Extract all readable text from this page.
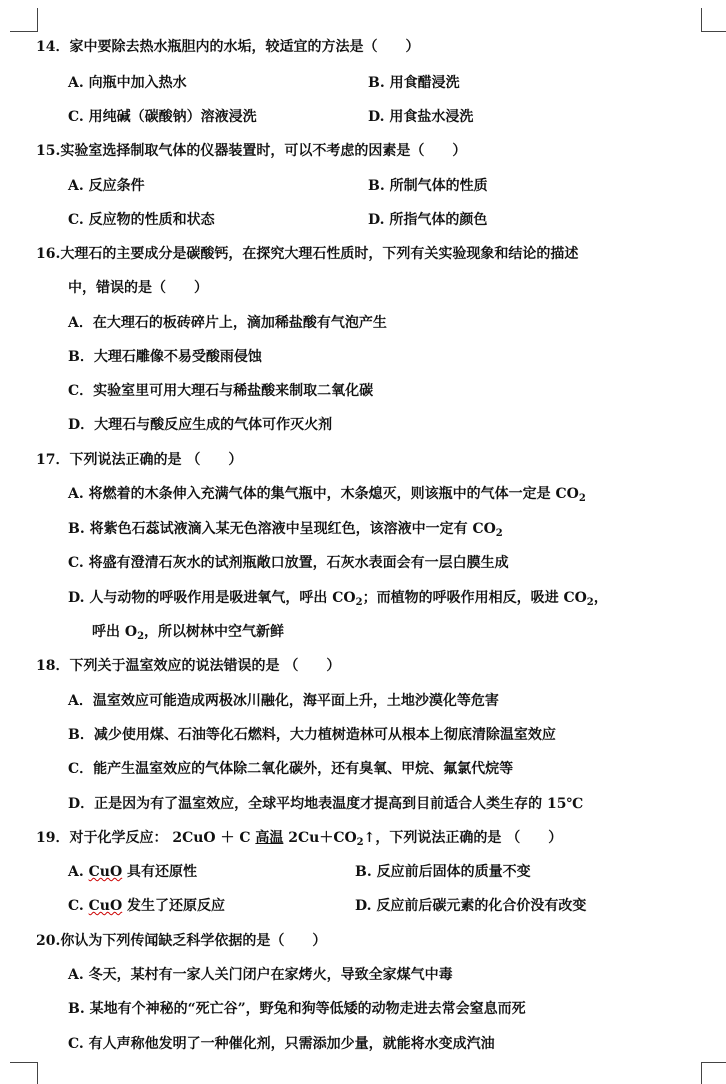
14．家中要除去热水瓶胆内的水垢，较适宜的方法是（　　）
A. 向瓶中加入热水	B. 用食醋浸洗
C. 用纯碱（碳酸钠）溶液浸洗	D. 用食盐水浸洗
15.实验室选择制取气体的仪器装置时，可以不考虑的因素是（　　）
A. 反应条件	B. 所制气体的性质
C. 反应物的性质和状态	D. 所指气体的颜色
16.大理石的主要成分是碳酸钙，在探究大理石性质时，下列有关实验现象和结论的描述
中，错误的是（　　）
A．在大理石的板砖碎片上，滴加稀盐酸有气泡产生
B．大理石雕像不易受酸雨侵蚀
C．实验室里可用大理石与稀盐酸来制取二氧化碳
D．大理石与酸反应生成的气体可作灭火剂
17．下列说法正确的是 （　　）
A. 将燃着的木条伸入充满气体的集气瓶中，木条熄灭，则该瓶中的气体一定是 $CO_2$
B. 将紫色石蕊试液滴入某无色溶液中呈现红色，该溶液中一定有 $CO_2$
C. 将盛有澄清石灰水的试剂瓶敞口放置，石灰水表面会有一层白膜生成
D. 人与动物的呼吸作用是吸进氧气，呼出 $CO_2$；而植物的呼吸作用相反，吸进 $CO_2$，
呼出 $O_2$，所以树林中空气新鲜
18．下列关于温室效应的说法错误的是 （　　）
A．温室效应可能造成两极冰川融化，海平面上升，土地沙漠化等危害
B．减少使用煤、石油等化石燃料，大力植树造林可从根本上彻底清除温室效应
C．能产生温室效应的气体除二氧化碳外，还有臭氧、甲烷、氟氯代烷等
D．正是因为有了温室效应，全球平均地表温度才提高到目前适合人类生存的 15℃
19．对于化学反应： 2CuO ＋ C 高温 $2Cu+CO_2↑$，下列说法正确的是 （　　）
A. CuO 具有还原性	B. 反应前后固体的质量不变
C. CuO 发生了还原反应	D. 反应前后碳元素的化合价没有改变
20.你认为下列传闻缺乏科学依据的是（　　）
A. 冬天，某村有一家人关门闭户在家烤火，导致全家煤气中毒
B. 某地有个神秘的“死亡谷”，野兔和狗等低矮的动物走进去常会窒息而死
C. 有人声称他发明了一种催化剂，只需添加少量，就能将水变成汽油
